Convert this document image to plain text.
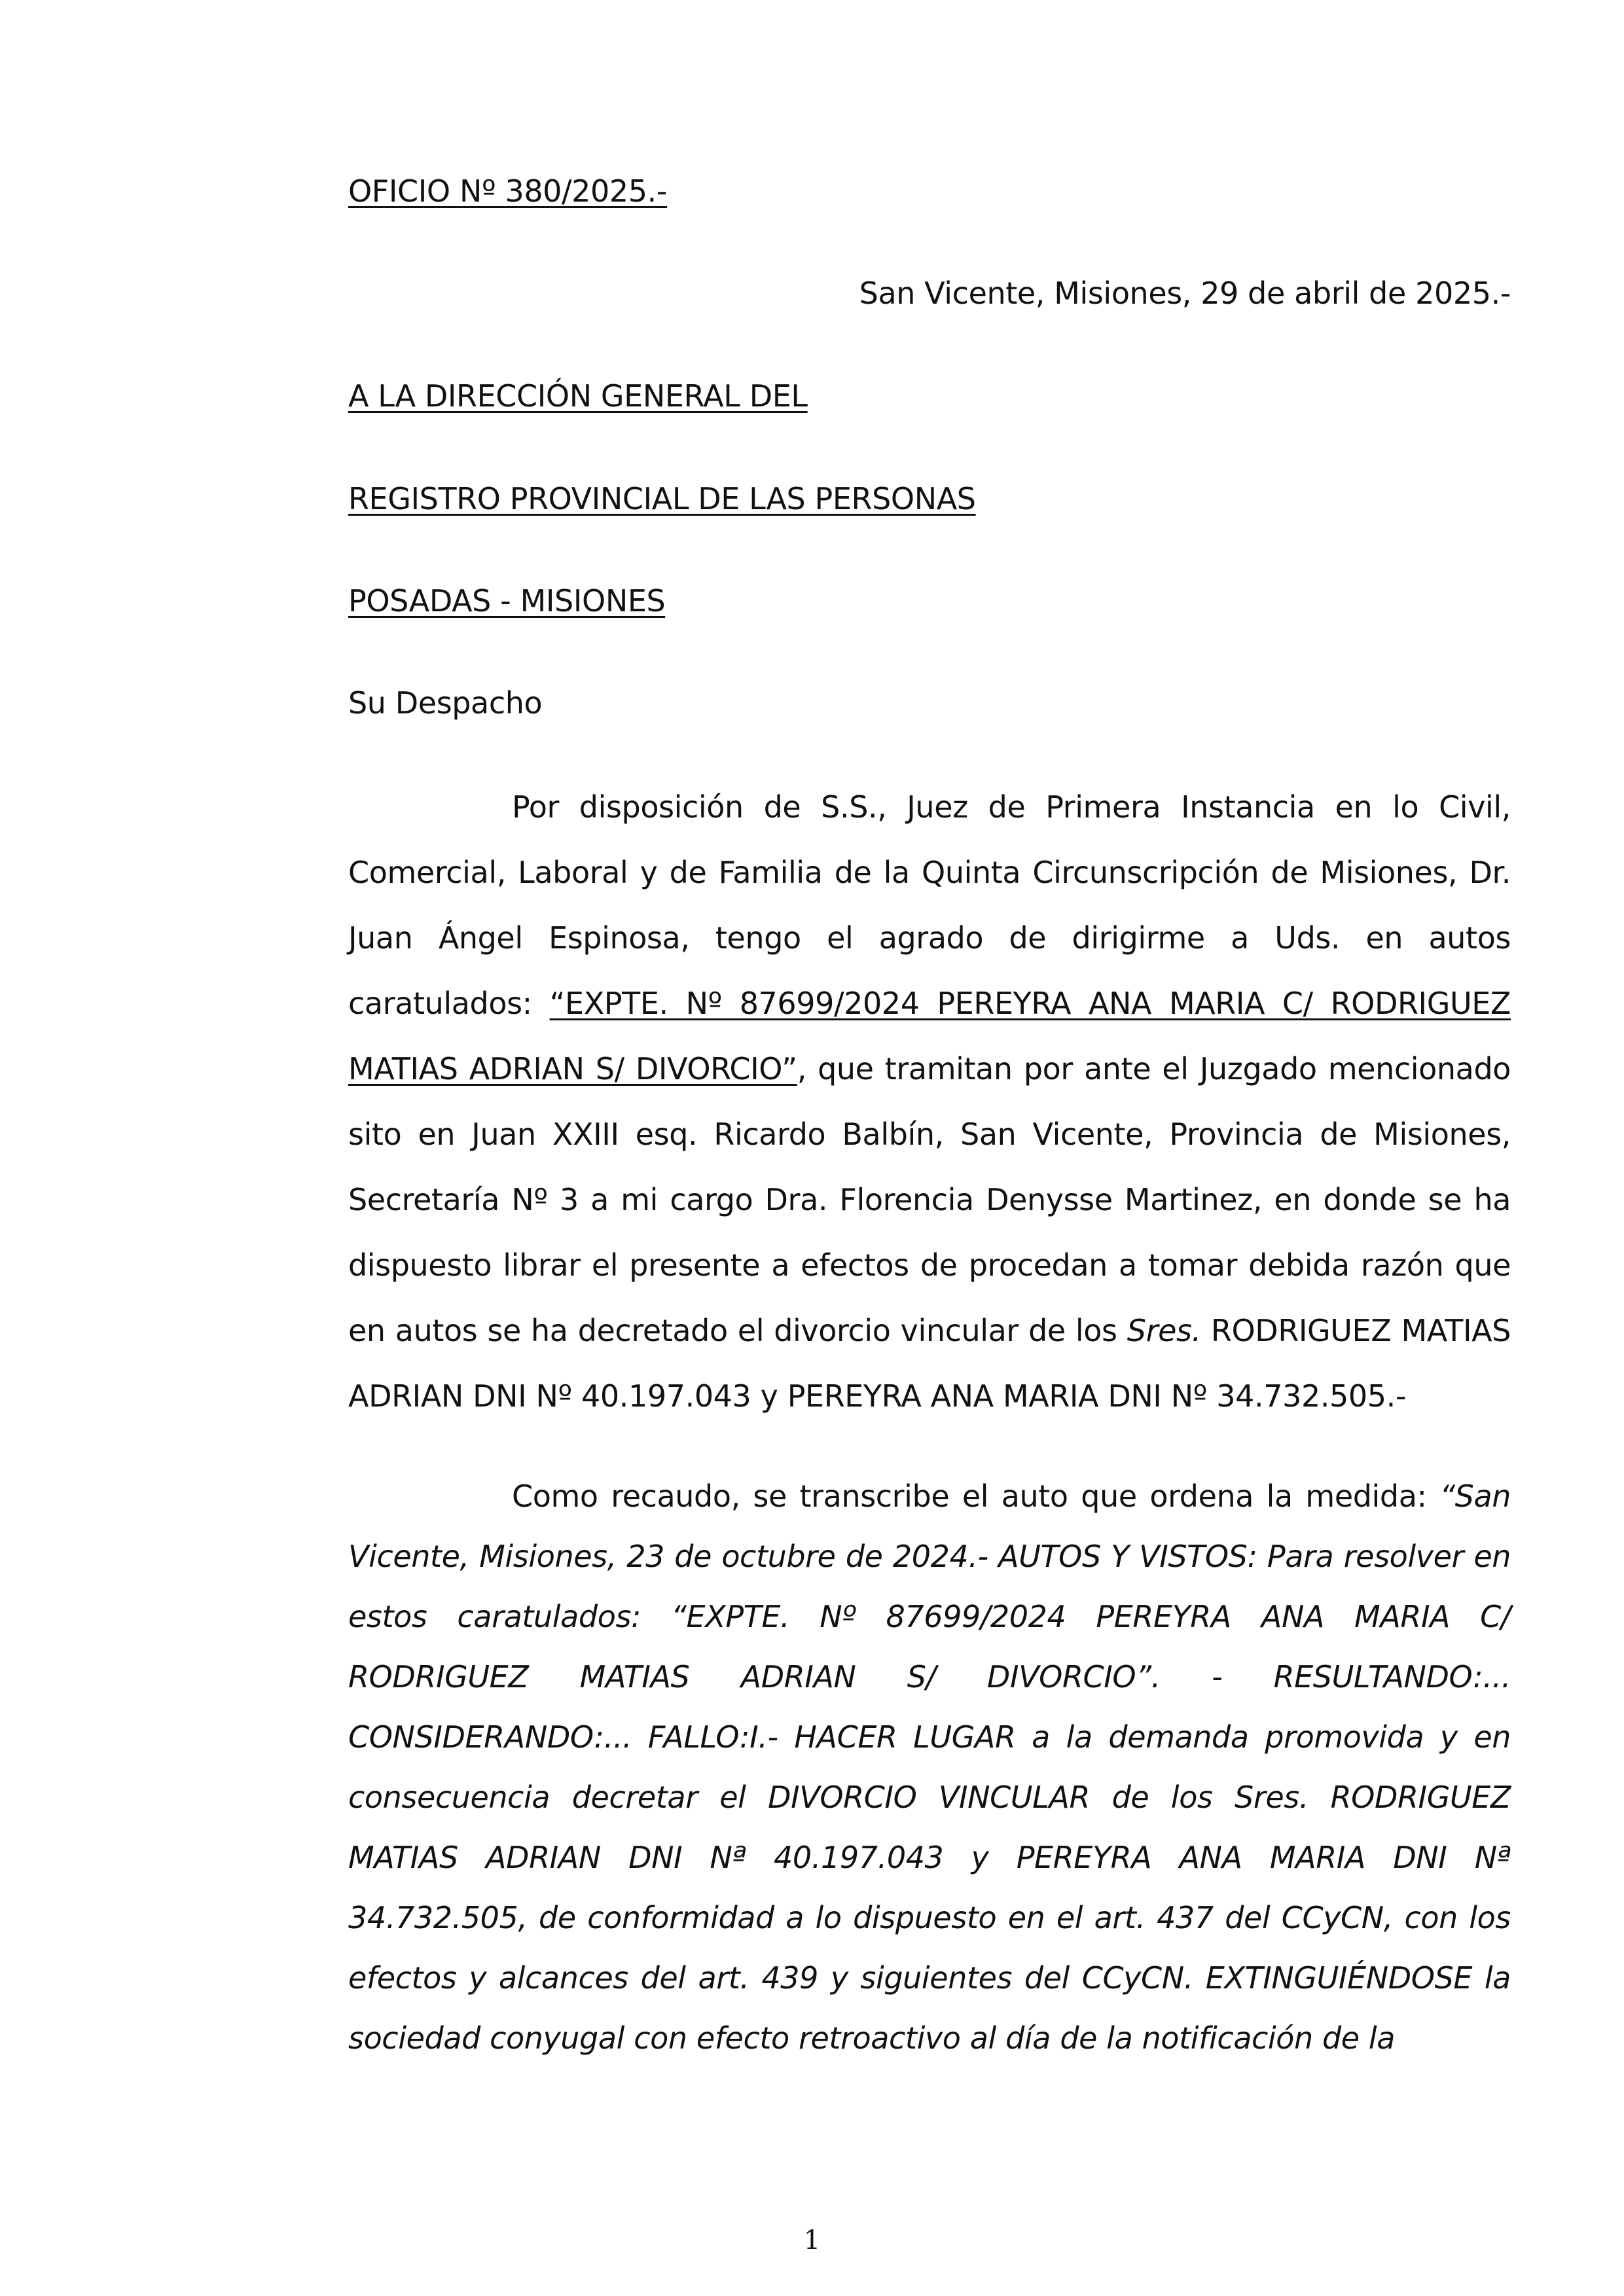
OFICIO Nº 380/2025.-
San Vicente, Misiones, 29 de abril de 2025.-
A LA DIRECCIÓN GENERAL DEL
REGISTRO PROVINCIAL DE LAS PERSONAS
POSADAS - MISIONES
Su Despacho

Por disposición de S.S., Juez de Primera Instancia en lo Civil, Comercial, Laboral y de Familia de la Quinta Circunscripción de Misiones, Dr. Juan Ángel Espinosa, tengo el agrado de dirigirme a Uds. en autos caratulados: “EXPTE. Nº 87699/2024 PEREYRA ANA MARIA C/ RODRIGUEZ MATIAS ADRIAN S/ DIVORCIO”, que tramitan por ante el Juzgado mencionado sito en Juan XXIII esq. Ricardo Balbín, San Vicente, Provincia de Misiones, Secretaría Nº 3 a mi cargo Dra. Florencia Denysse Martinez, en donde se ha dispuesto librar el presente a efectos de procedan a tomar debida razón que en autos se ha decretado el divorcio vincular de los Sres. RODRIGUEZ MATIAS ADRIAN DNI Nº 40.197.043 y PEREYRA ANA MARIA DNI Nº 34.732.505.-

Como recaudo, se transcribe el auto que ordena la medida: “San Vicente, Misiones, 23 de octubre de 2024.- AUTOS Y VISTOS: Para resolver en estos caratulados: “EXPTE. Nº 87699/2024 PEREYRA ANA MARIA C/ RODRIGUEZ MATIAS ADRIAN S/ DIVORCIO”. - RESULTANDO:... CONSIDERANDO:... FALLO:I.- HACER LUGAR a la demanda promovida y en consecuencia decretar el DIVORCIO VINCULAR de los Sres. RODRIGUEZ MATIAS ADRIAN DNI Nª 40.197.043 y PEREYRA ANA MARIA DNI Nª 34.732.505, de conformidad a lo dispuesto en el art. 437 del CCyCN, con los efectos y alcances del art. 439 y siguientes del CCyCN. EXTINGUIÉNDOSE la sociedad conyugal con efecto retroactivo al día de la notificación de la

1
